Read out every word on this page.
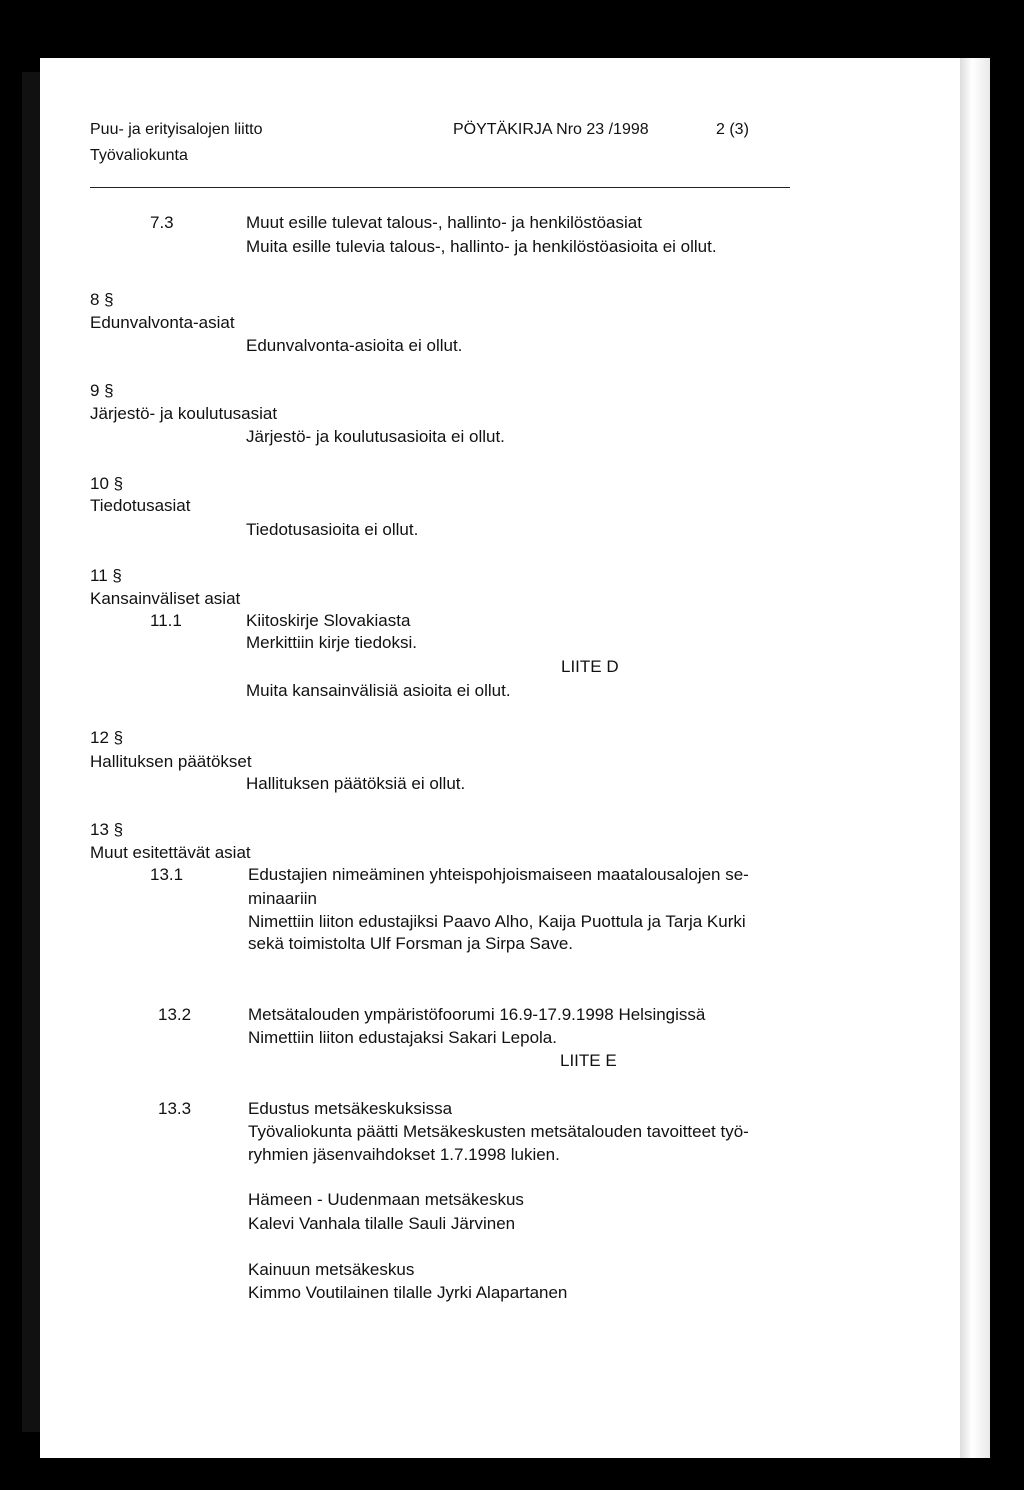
Puu- ja erityisalojen liitto
Työvaliokunta
PÖYTÄKIRJA Nro 23 /1998	2 (3)
7.3	Muut esille tulevat talous-, hallinto- ja henkilöstöasiat
Muita esille tulevia talous-, hallinto- ja henkilöstöasioita ei ollut.
8 §
Edunvalvonta-asiat
Edunvalvonta-asioita ei ollut.
9 §
Järjestö- ja koulutusasiat
Järjestö- ja koulutusasioita ei ollut.
10 §
Tiedotusasiat
Tiedotusasioita ei ollut.
11 §
Kansainväliset asiat
11.1	Kiitoskirje Slovakiasta
Merkittiin kirje tiedoksi.
LIITE D
Muita kansainvälisiä asioita ei ollut.
12 §
Hallituksen päätökset
Hallituksen päätöksiä ei ollut.
13 §
Muut esitettävät asiat
13.1	Edustajien nimeäminen yhteispohjoismaiseen maatalousalojen se-
minaariin
Nimettiin liiton edustajiksi Paavo Alho, Kaija Puottula ja Tarja Kurki
sekä toimistolta Ulf Forsman ja Sirpa Save.
13.2	Metsätalouden ympäristöfoorumi 16.9-17.9.1998 Helsingissä
Nimettiin liiton edustajaksi Sakari Lepola.
LIITE E
13.3	Edustus metsäkeskuksissa
Työvaliokunta päätti Metsäkeskusten metsätalouden tavoitteet työ-
ryhmien jäsenvaihdokset 1.7.1998 lukien.
Hämeen - Uudenmaan metsäkeskus
Kalevi Vanhala tilalle Sauli Järvinen
Kainuun metsäkeskus
Kimmo Voutilainen tilalle Jyrki Alapartanen
